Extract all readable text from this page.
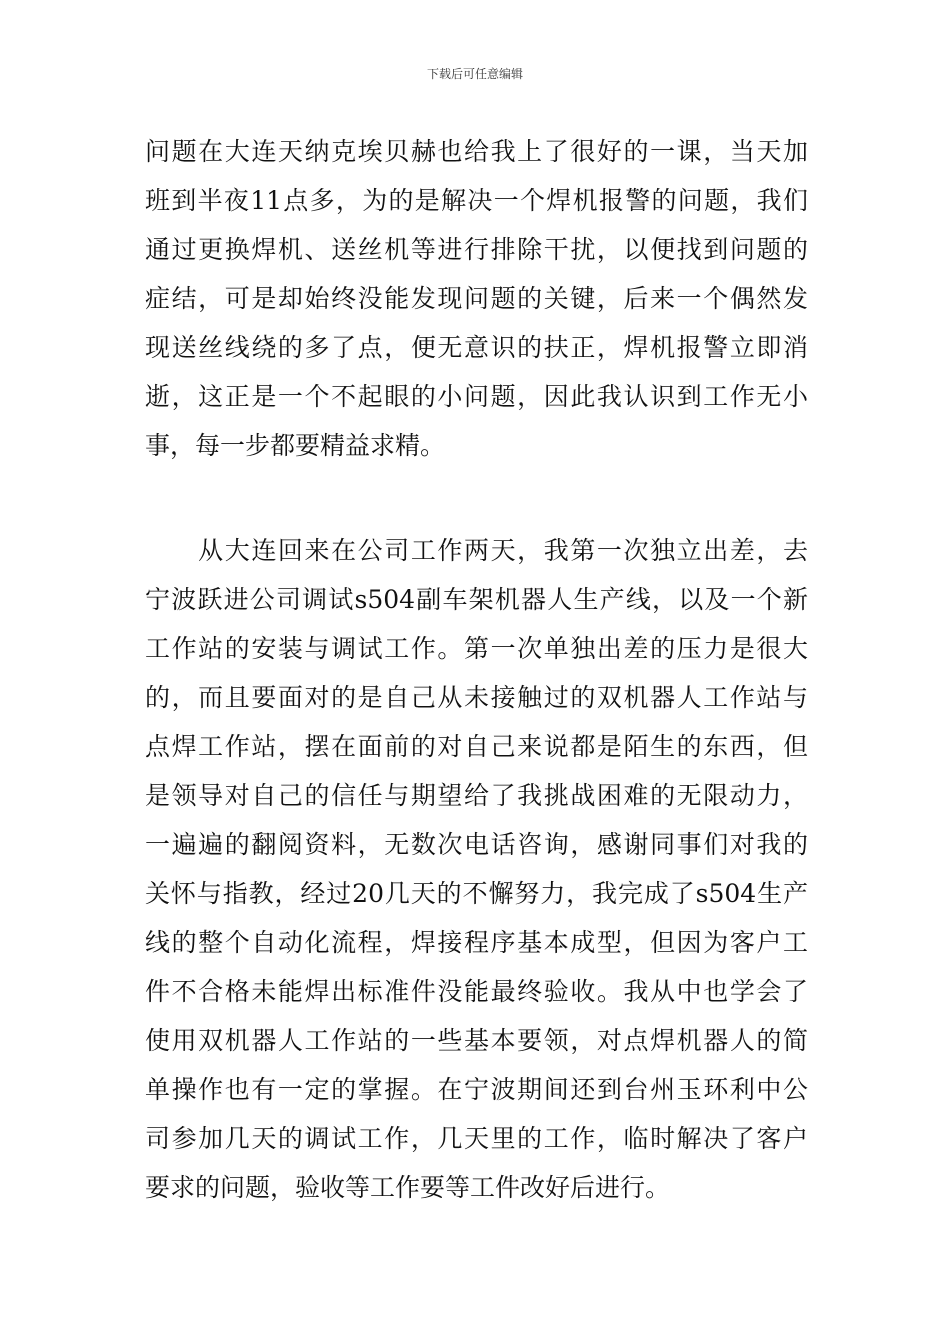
下载后可任意编辑
问题在大连天纳克埃贝赫也给我上了很好的一课，当天加
班到半夜11点多，为的是解决一个焊机报警的问题，我们
通过更换焊机、送丝机等进行排除干扰，以便找到问题的
症结，可是却始终没能发现问题的关键，后来一个偶然发
现送丝线绕的多了点，便无意识的扶正，焊机报警立即消
逝，这正是一个不起眼的小问题，因此我认识到工作无小
事，每一步都要精益求精。
　　从大连回来在公司工作两天，我第一次独立出差，去
宁波跃进公司调试s504副车架机器人生产线，以及一个新
工作站的安装与调试工作。第一次单独出差的压力是很大
的，而且要面对的是自己从未接触过的双机器人工作站与
点焊工作站，摆在面前的对自己来说都是陌生的东西，但
是领导对自己的信任与期望给了我挑战困难的无限动力，
一遍遍的翻阅资料，无数次电话咨询，感谢同事们对我的
关怀与指教，经过20几天的不懈努力，我完成了s504生产
线的整个自动化流程，焊接程序基本成型，但因为客户工
件不合格未能焊出标准件没能最终验收。我从中也学会了
使用双机器人工作站的一些基本要领，对点焊机器人的简
单操作也有一定的掌握。在宁波期间还到台州玉环利中公
司参加几天的调试工作，几天里的工作，临时解决了客户
要求的问题，验收等工作要等工件改好后进行。
